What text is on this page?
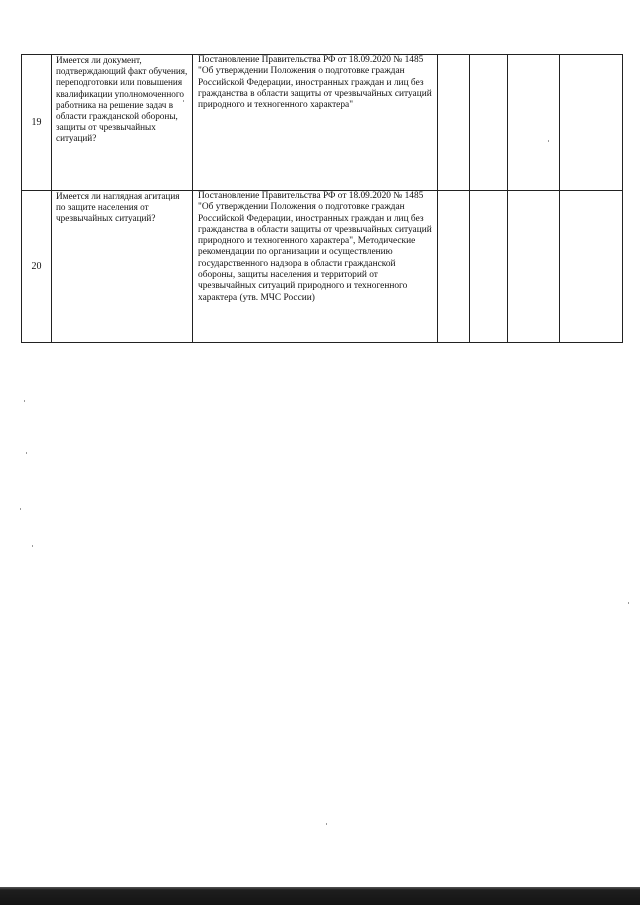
19	Имеется ли документ, подтверждающий факт обучения, переподготовки или повышения квалификации уполномоченного работника на решение задач в области гражданской обороны, защиты от чрезвычайных ситуаций?	Постановление Правительства РФ от 18.09.2020 № 1485 "Об утверждении Положения о подготовке граждан Российской Федерации, иностранных граждан и лиц без гражданства в области защиты от чрезвычайных ситуаций природного и техногенного характера"				
20	Имеется ли наглядная агитация по защите населения от чрезвычайных ситуаций?	Постановление Правительства РФ от 18.09.2020 № 1485 "Об утверждении Положения о подготовке граждан Российской Федерации, иностранных граждан и лиц без гражданства в области защиты от чрезвычайных ситуаций природного и техногенного характера", Методические рекомендации по организации и осуществлению государственного надзора в области гражданской обороны, защиты населения и территорий от чрезвычайных ситуаций природного и техногенного характера (утв. МЧС России)				
